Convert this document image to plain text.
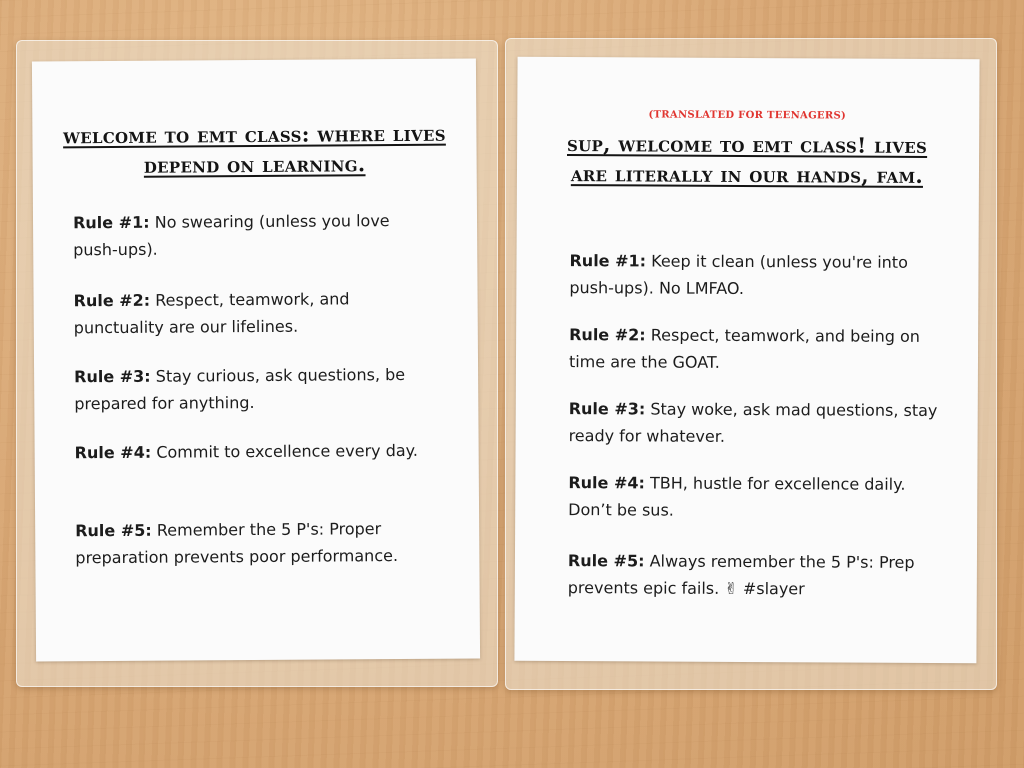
welcome to emt class: where lives depend on learning.
Rule #1: No swearing (unless you love push-ups).
Rule #2: Respect, teamwork, and punctuality are our lifelines.
Rule #3: Stay curious, ask questions, be prepared for anything.
Rule #4: Commit to excellence every day.
Rule #5: Remember the 5 P's: Proper preparation prevents poor performance.
(TRANSLATED FOR TEENAGERS)
sup, welcome to emt class! lives are literally in our hands, fam.
Rule #1: Keep it clean (unless you're into push-ups). No LMFAO.
Rule #2: Respect, teamwork, and being on time are the GOAT.
Rule #3: Stay woke, ask mad questions, stay ready for whatever.
Rule #4: TBH, hustle for excellence daily. Don’t be sus.
Rule #5: Always remember the 5 P's: Prep prevents epic fails. ✌ #slayer
